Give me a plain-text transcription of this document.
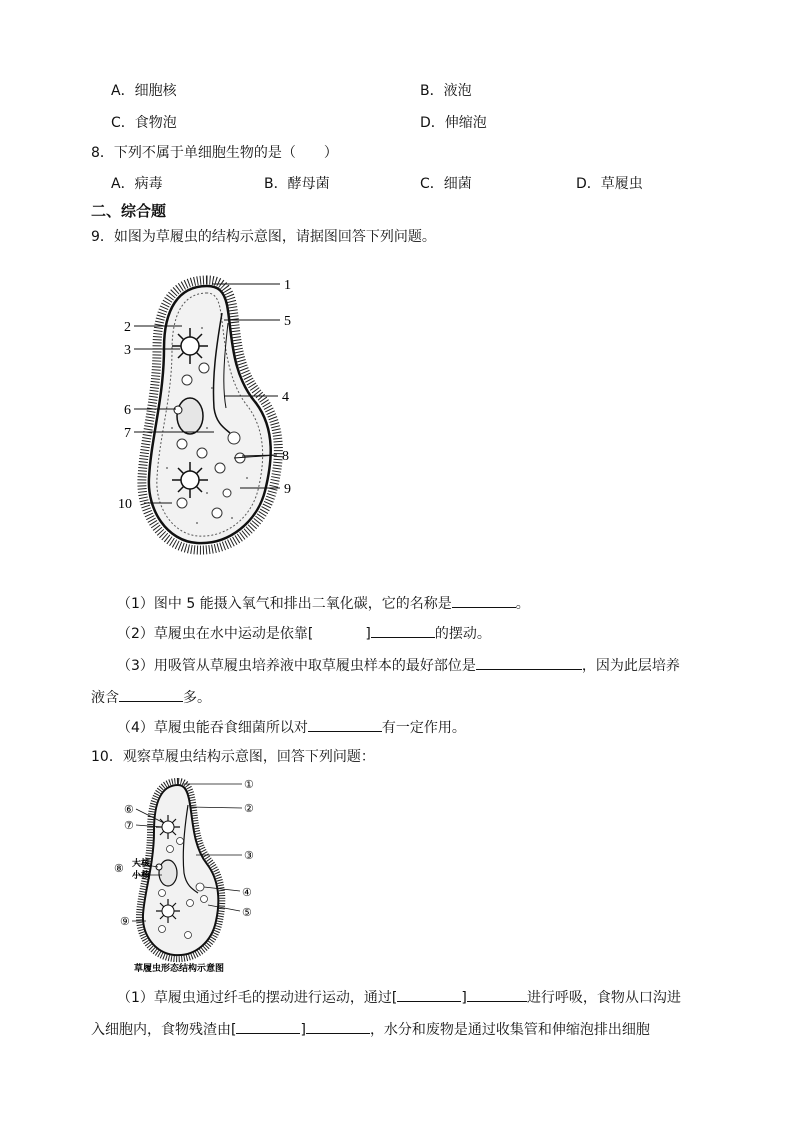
A．细胞核	B．液泡
C．食物泡	D．伸缩泡
8．下列不属于单细胞生物的是（　　）
A．病毒	B．酵母菌	C．细菌	D．草履虫
二、综合题
9．如图为草履虫的结构示意图，请据图回答下列问题。
1
2
3
4
5
6
7
8
9
10
（1）图中 5 能摄入氧气和排出二氧化碳，它的名称是	。
（2）草履虫在水中运动是依靠[	]	的摆动。
（3）用吸管从草履虫培养液中取草履虫样本的最好部位是	，因为此层培养
液含	多。
（4）草履虫能吞食细菌所以对	有一定作用。
10．观察草履虫结构示意图，回答下列问题：
①
②
③
④
⑤
⑥
⑦
⑧ 大核
小核
⑨
草履虫形态结构示意图
（1）草履虫通过纤毛的摆动进行运动，通过[	]	进行呼吸，食物从口沟进
入细胞内，食物残渣由[	]	，水分和废物是通过收集管和伸缩泡排出细胞
